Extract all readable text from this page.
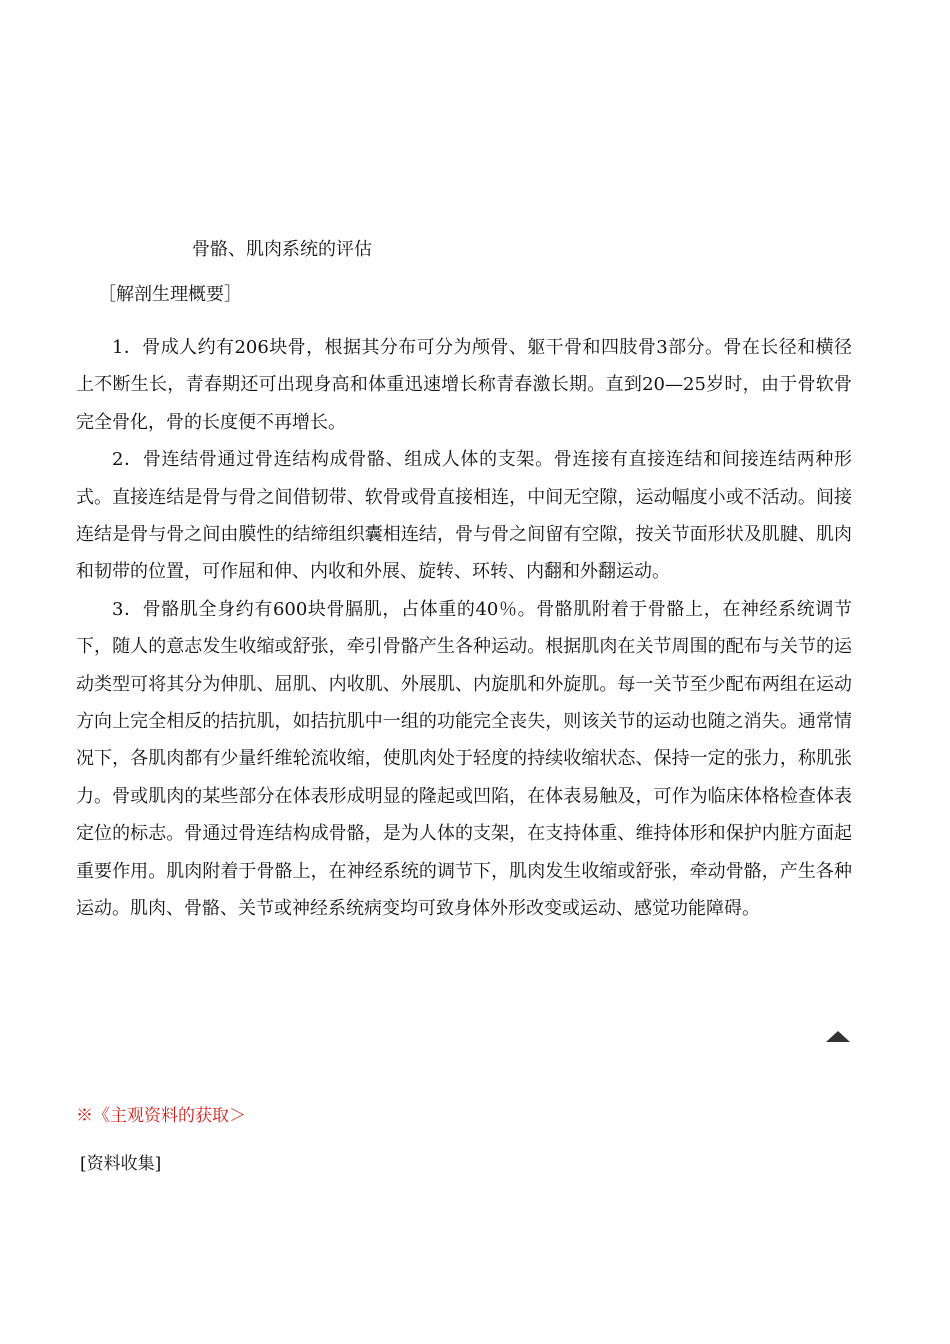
骨骼、肌肉系统的评估
［解剖生理概要］

1．骨成人约有206块骨，根据其分布可分为颅骨、躯干骨和四肢骨3部分。骨在长径和横径上不断生长，青春期还可出现身高和体重迅速增长称青春激长期。直到20—25岁时，由于骨软骨完全骨化，骨的长度便不再增长。

2．骨连结骨通过骨连结构成骨骼、组成人体的支架。骨连接有直接连结和间接连结两种形式。直接连结是骨与骨之间借韧带、软骨或骨直接相连，中间无空隙，运动幅度小或不活动。间接连结是骨与骨之间由膜性的结缔组织囊相连结，骨与骨之间留有空隙，按关节面形状及肌腱、肌肉和韧带的位置，可作屈和伸、内收和外展、旋转、环转、内翻和外翻运动。

3．骨骼肌全身约有600块骨膈肌，占体重的40％。骨骼肌附着于骨骼上，在神经系统调节下，随人的意志发生收缩或舒张，牵引骨骼产生各种运动。根据肌肉在关节周围的配布与关节的运动类型可将其分为伸肌、屈肌、内收肌、外展肌、内旋肌和外旋肌。每一关节至少配布两组在运动方向上完全相反的拮抗肌，如拮抗肌中一组的功能完全丧失，则该关节的运动也随之消失。通常情况下，各肌肉都有少量纤维轮流收缩，使肌肉处于轻度的持续收缩状态、保持一定的张力，称肌张力。骨或肌肉的某些部分在体表形成明显的隆起或凹陷，在体表易触及，可作为临床体格检查体表定位的标志。骨通过骨连结构成骨骼，是为人体的支架，在支持体重、维持体形和保护内脏方面起重要作用。肌肉附着于骨骼上，在神经系统的调节下，肌肉发生收缩或舒张，牵动骨骼，产生各种运动。肌肉、骨骼、关节或神经系统病变均可致身体外形改变或运动、感觉功能障碍。

※《主观资料的获取＞
[资料收集]
